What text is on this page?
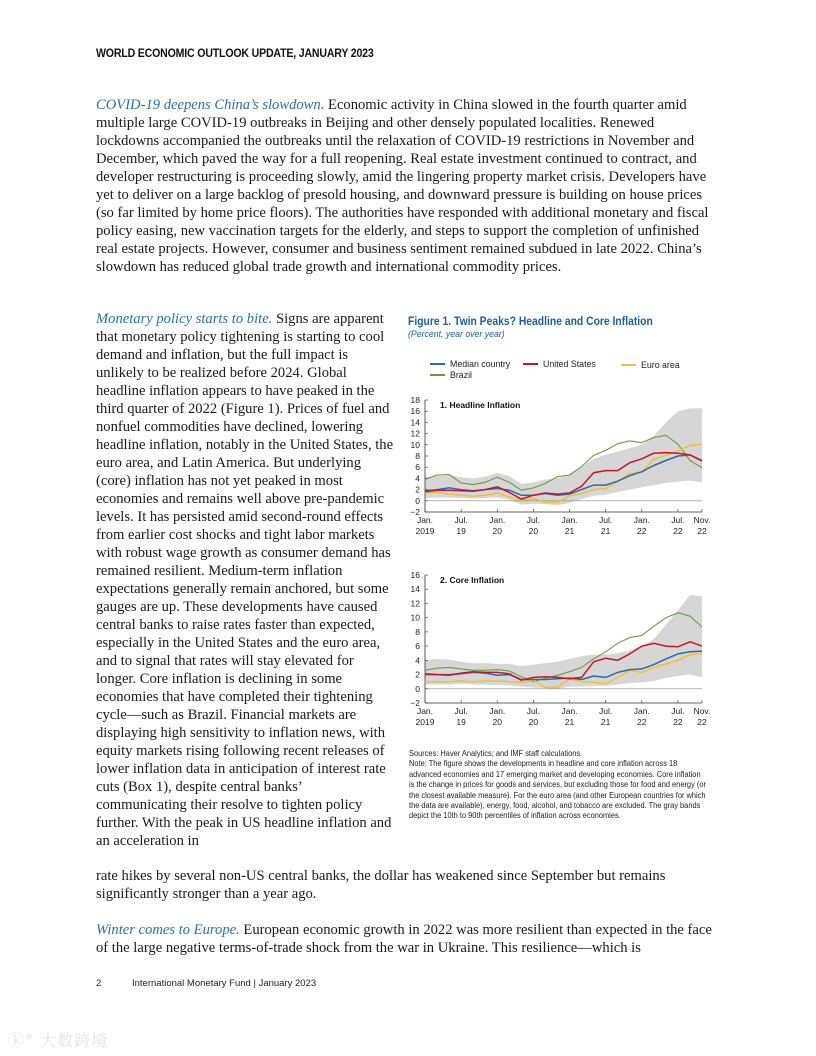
WORLD ECONOMIC OUTLOOK UPDATE, JANUARY 2023
COVID-19 deepens China’s slowdown. Economic activity in China slowed in the fourth quarter amid multiple large COVID-19 outbreaks in Beijing and other densely populated localities. Renewed lockdowns accompanied the outbreaks until the relaxation of COVID-19 restrictions in November and December, which paved the way for a full reopening. Real estate investment continued to contract, and developer restructuring is proceeding slowly, amid the lingering property market crisis. Developers have yet to deliver on a large backlog of presold housing, and downward pressure is building on house prices (so far limited by home price floors). The authorities have responded with additional monetary and fiscal policy easing, new vaccination targets for the elderly, and steps to support the completion of unfinished real estate projects. However, consumer and business sentiment remained subdued in late 2022. China’s slowdown has reduced global trade growth and international commodity prices.
Monetary policy starts to bite. Signs are apparent that monetary policy tightening is starting to cool demand and inflation, but the full impact is unlikely to be realized before 2024. Global headline inflation appears to have peaked in the third quarter of 2022 (Figure 1). Prices of fuel and nonfuel commodities have declined, lowering headline inflation, notably in the United States, the euro area, and Latin America. But underlying (core) inflation has not yet peaked in most economies and remains well above pre-pandemic levels. It has persisted amid second-round effects from earlier cost shocks and tight labor markets with robust wage growth as consumer demand has remained resilient. Medium-term inflation expectations generally remain anchored, but some gauges are up. These developments have caused central banks to raise rates faster than expected, especially in the United States and the euro area, and to signal that rates will stay elevated for longer. Core inflation is declining in some economies that have completed their tightening cycle—such as Brazil. Financial markets are displaying high sensitivity to inflation news, with equity markets rising following recent releases of lower inflation data in anticipation of interest rate cuts (Box 1), despite central banks’ communicating their resolve to tighten policy further. With the peak in US headline inflation and an acceleration in
rate hikes by several non-US central banks, the dollar has weakened since September but remains significantly stronger than a year ago.
Figure 1. Twin Peaks? Headline and Core Inflation
(Percent, year over year)
Median country	United States	Euro area
Brazil
−2
0
2
4
6
8
10
12
14
16
18
Jan.
2019
Jul.
19
Jan.
20
Jul.
20
Jan.
21
Jul.
21
Jan.
22
Jul.
22
Nov.
22
1. Headline Inflation
−2
0
2
4
6
8
10
12
14
16
Jan.
2019
Jul.
19
Jan.
20
Jul.
20
Jan.
21
Jul.
21
Jan.
22
Jul.
22
Nov.
22
2. Core Inflation
Sources: Haver Analytics; and IMF staff calculations.
Note: The figure shows the developments in headline and core inflation across 18 advanced economies and 17 emerging market and developing economies. Core inflation is the change in prices for goods and services, but excluding those for food and energy (or the closest available measure). For the euro area (and other European countries for which the data are available), energy, food, alcohol, and tobacco are excluded. The gray bands depict the 10th to 90th percentiles of inflation across economies.
Winter comes to Europe. European economic growth in 2022 was more resilient than expected in the face of the large negative terms-of-trade shock from the war in Ukraine. This resilience—which is
2	International Monetary Fund | January 2023
ⓚ° 大数跨境
